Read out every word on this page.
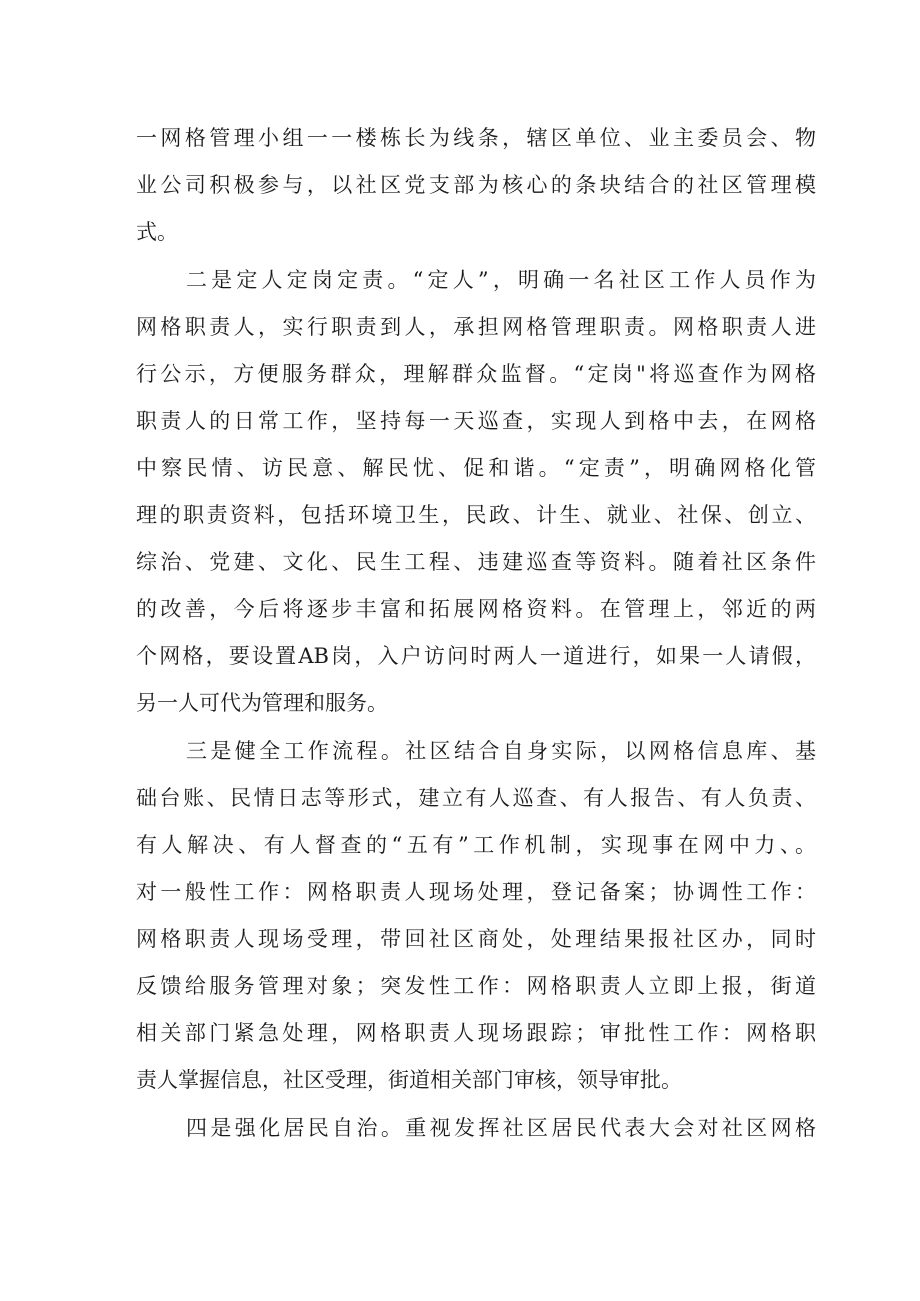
一网格管理小组一一楼栋长为线条，辖区单位、业主委员会、物
业公司积极参与，以社区党支部为核心的条块结合的社区管理模
式。
二是定人定岗定责。“定人”，明确一名社区工作人员作为
网格职责人，实行职责到人，承担网格管理职责。网格职责人进
行公示，方便服务群众，理解群众监督。“定岗"将巡查作为网格
职责人的日常工作，坚持每一天巡查，实现人到格中去，在网格
中察民情、访民意、解民忧、促和谐。“定责”，明确网格化管
理的职责资料，包括环境卫生，民政、计生、就业、社保、创立、
综治、党建、文化、民生工程、违建巡查等资料。随着社区条件
的改善，今后将逐步丰富和拓展网格资料。在管理上，邻近的两
个网格，要设置AB岗，入户访问时两人一道进行，如果一人请假，
另一人可代为管理和服务。
三是健全工作流程。社区结合自身实际，以网格信息库、基
础台账、民情日志等形式，建立有人巡查、有人报告、有人负责、
有人解决、有人督查的“五有”工作机制，实现事在网中力、。
对一般性工作：网格职责人现场处理，登记备案；协调性工作：
网格职责人现场受理，带回社区商处，处理结果报社区办，同时
反馈给服务管理对象；突发性工作：网格职责人立即上报，街道
相关部门紧急处理，网格职责人现场跟踪；审批性工作：网格职
责人掌握信息，社区受理，街道相关部门审核，领导审批。
四是强化居民自治。重视发挥社区居民代表大会对社区网格
